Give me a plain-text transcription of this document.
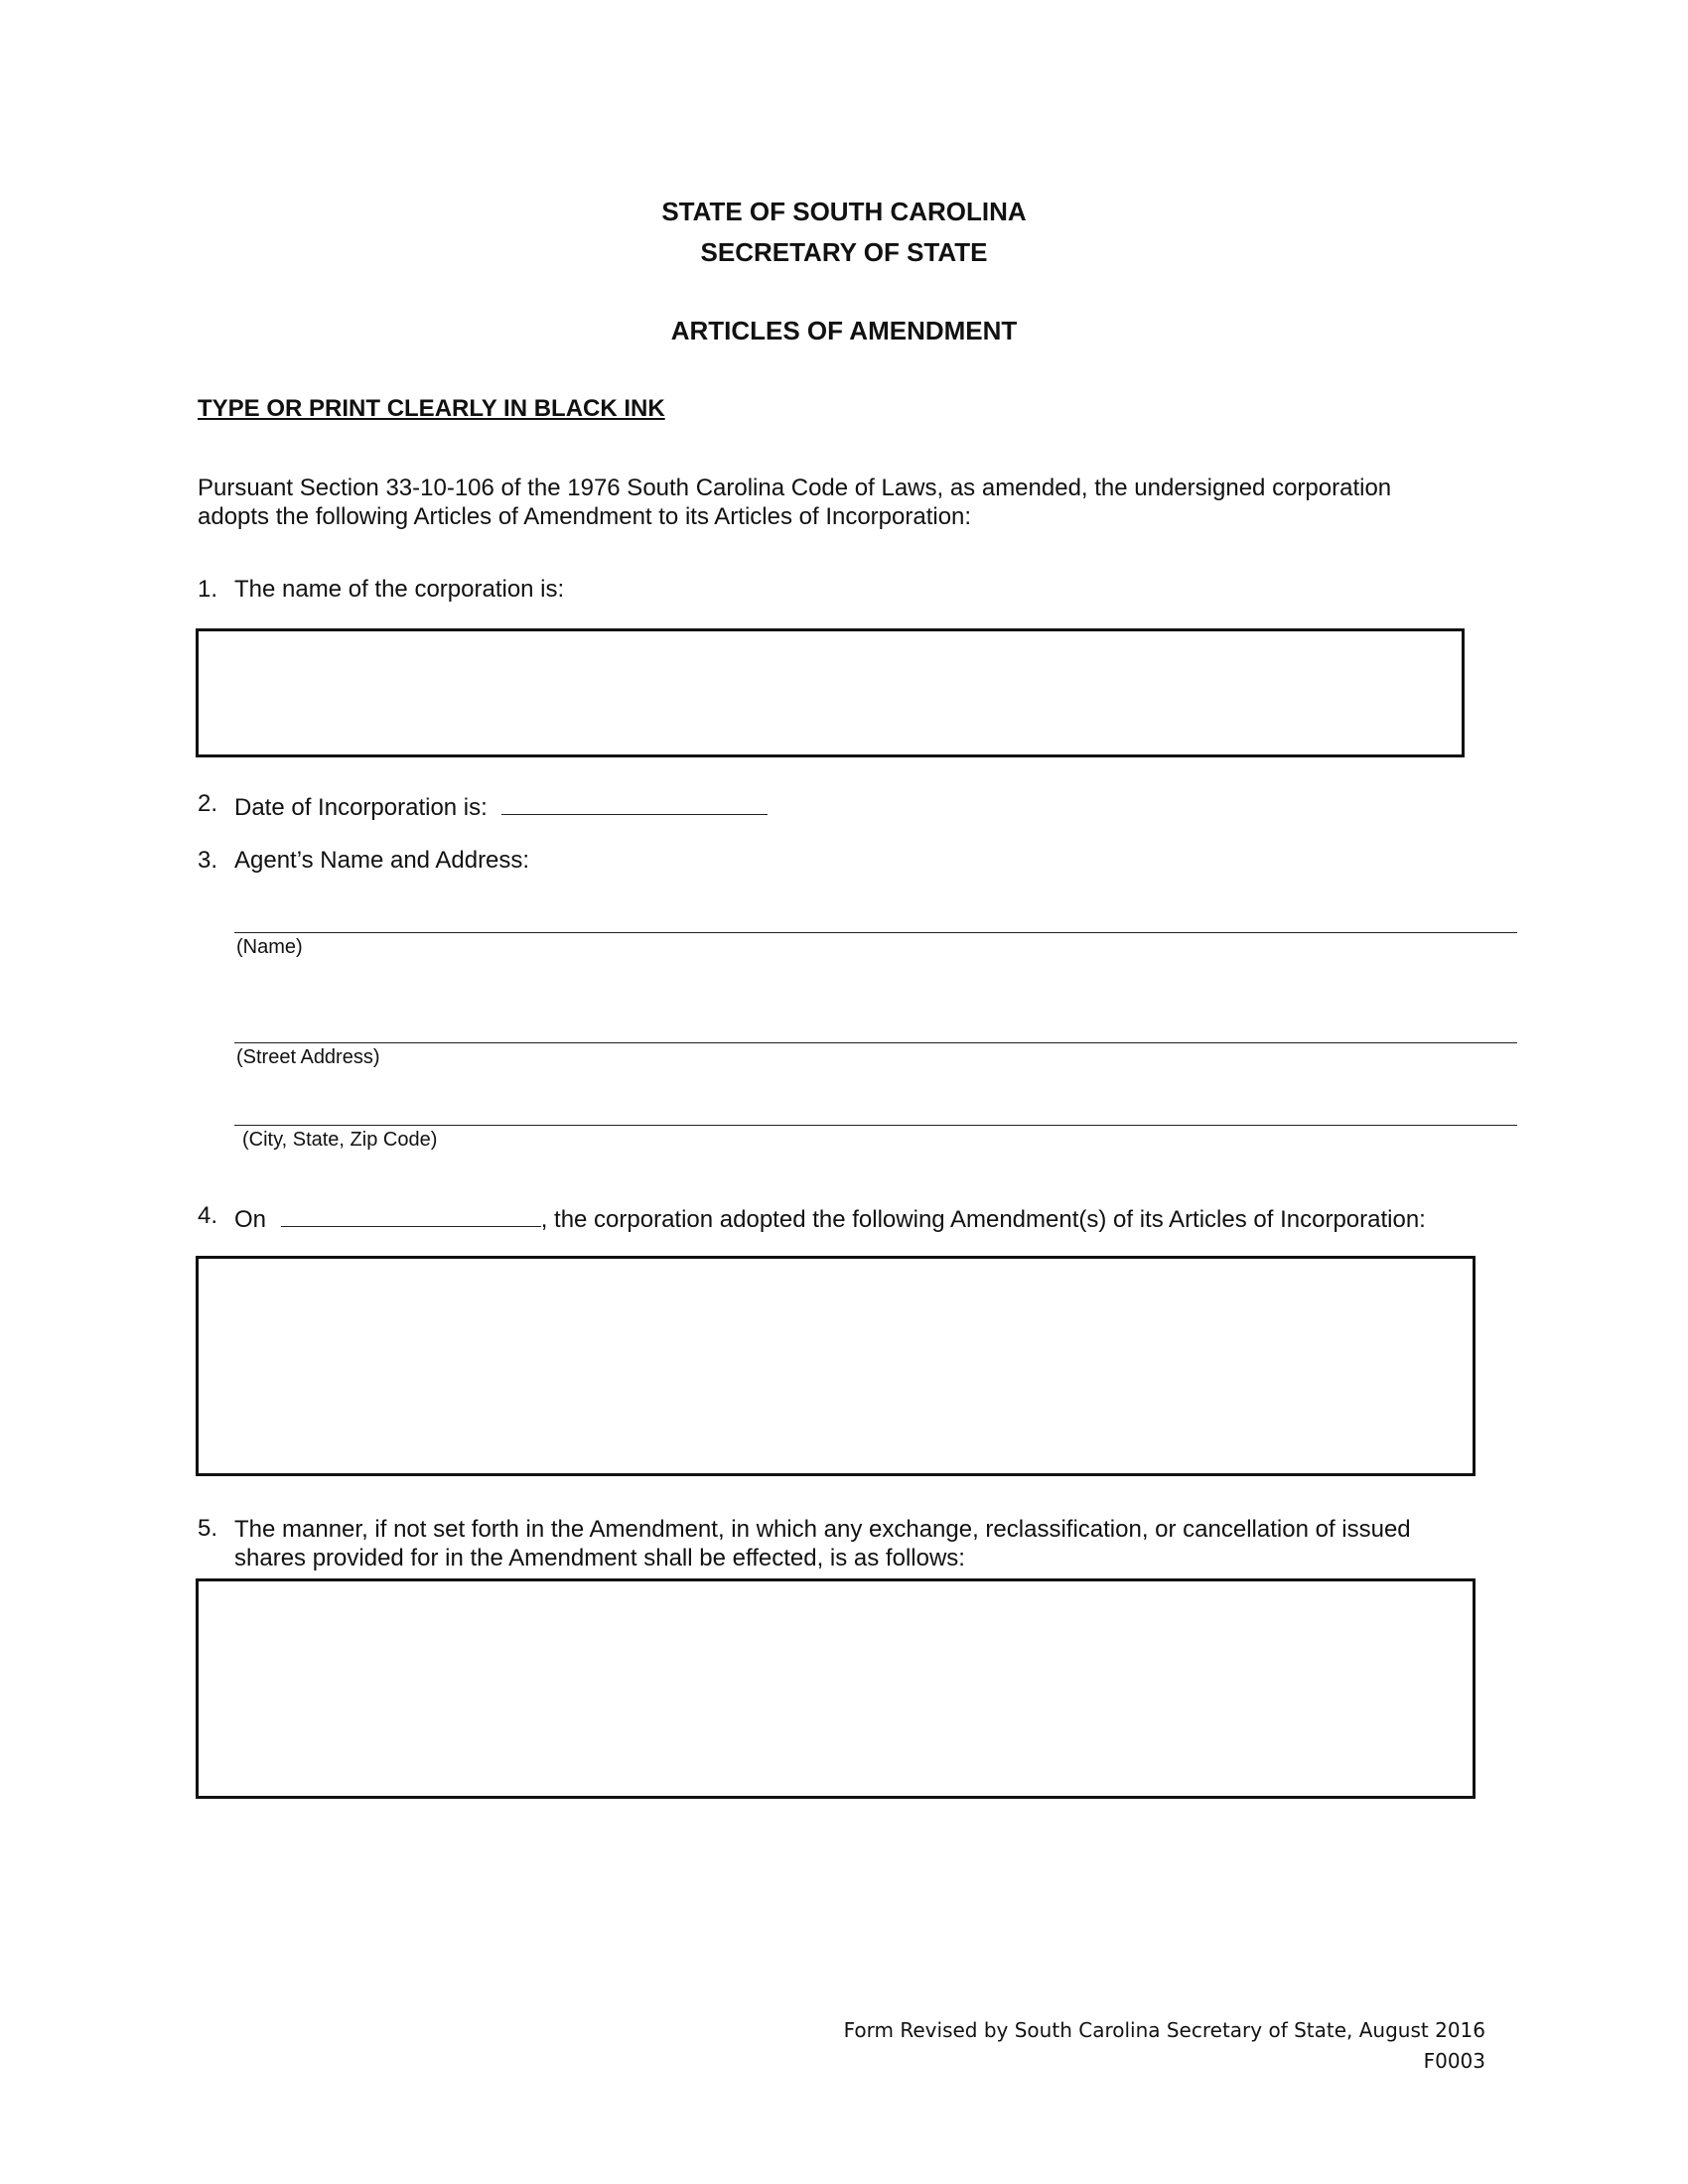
STATE OF SOUTH CAROLINA
SECRETARY OF STATE
ARTICLES OF AMENDMENT
TYPE OR PRINT CLEARLY IN BLACK INK
Pursuant Section 33-10-106 of the 1976 South Carolina Code of Laws, as amended, the undersigned corporation
adopts the following Articles of Amendment to its Articles of Incorporation:
1. The name of the corporation is:
2. Date of Incorporation is:
3. Agent’s Name and Address:
(Name)
(Street Address)
(City, State, Zip Code)
4. On	, the corporation adopted the following Amendment(s) of its Articles of Incorporation:
5. The manner, if not set forth in the Amendment, in which any exchange, reclassification, or cancellation of issued
shares provided for in the Amendment shall be effected, is as follows:
Form Revised by South Carolina Secretary of State, August 2016
F0003
